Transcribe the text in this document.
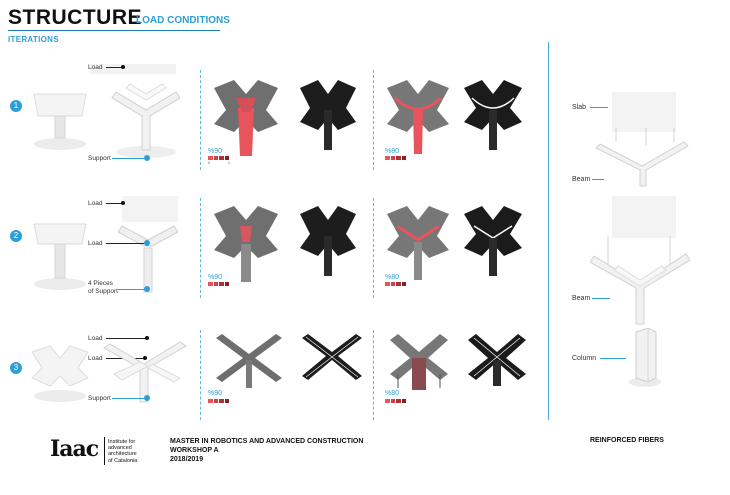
STRUCTURE
LOAD CONDITIONS
ITERATIONS
1
Load
Support
%90
0	1
%80
2
Load
Load
4 Pieces
of Support
%90	%80
3
Load
Load
Support
%90	%80
Slab
Beam
Beam
Column
Iaac Institute for
advanced
architecture
of Catalonia
MASTER IN ROBOTICS AND ADVANCED CONSTRUCTION
WORKSHOP A
2018/2019
REINFORCED FIBERS
